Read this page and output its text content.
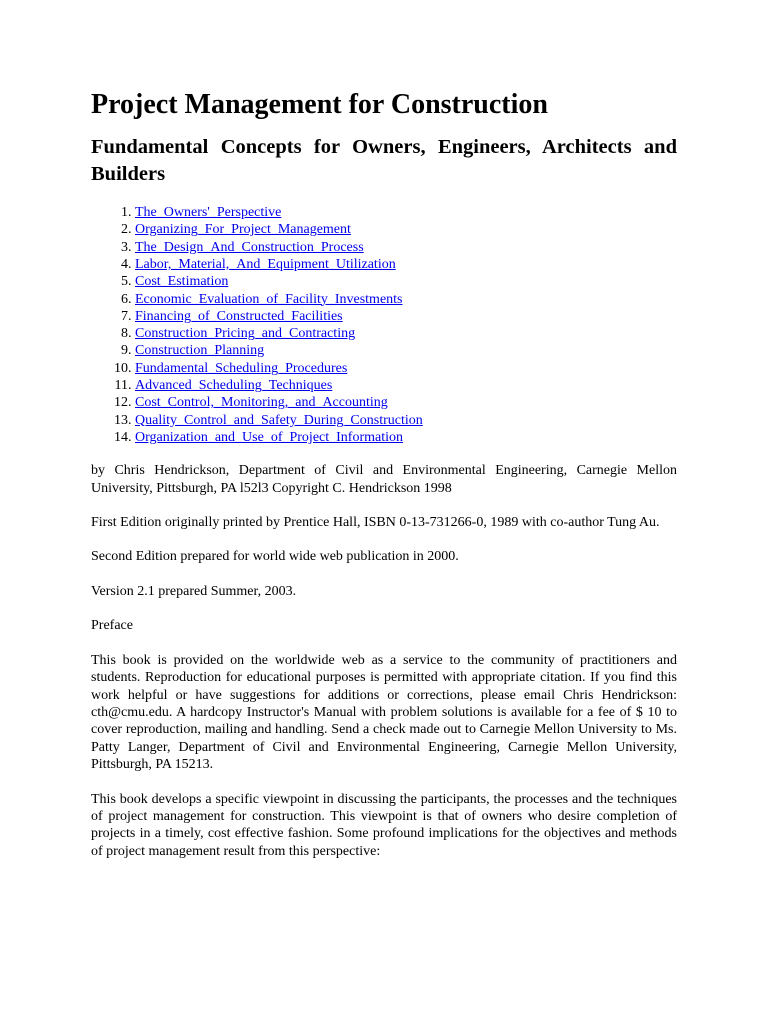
Project Management for Construction
Fundamental Concepts for Owners, Engineers, Architects and Builders
1. The_Owners'_Perspective
2. Organizing_For_Project_Management
3. The_Design_And_Construction_Process
4. Labor,_Material,_And_Equipment_Utilization
5. Cost_Estimation
6. Economic_Evaluation_of_Facility_Investments
7. Financing_of_Constructed_Facilities
8. Construction_Pricing_and_Contracting
9. Construction_Planning
10. Fundamental_Scheduling_Procedures
11. Advanced_Scheduling_Techniques
12. Cost_Control,_Monitoring,_and_Accounting
13. Quality_Control_and_Safety_During_Construction
14. Organization_and_Use_of_Project_Information

by Chris Hendrickson, Department of Civil and Environmental Engineering, Carnegie Mellon University, Pittsburgh, PA l52l3 Copyright C. Hendrickson 1998

First Edition originally printed by Prentice Hall, ISBN 0-13-731266-0, 1989 with co-author Tung Au.

Second Edition prepared for world wide web publication in 2000.

Version 2.1 prepared Summer, 2003.

Preface

This book is provided on the worldwide web as a service to the community of practitioners and students. Reproduction for educational purposes is permitted with appropriate citation. If you find this work helpful or have suggestions for additions or corrections, please email Chris Hendrickson: cth@cmu.edu. A hardcopy Instructor's Manual with problem solutions is available for a fee of $ 10 to cover reproduction, mailing and handling. Send a check made out to Carnegie Mellon University to Ms. Patty Langer, Department of Civil and Environmental Engineering, Carnegie Mellon University, Pittsburgh, PA 15213.

This book develops a specific viewpoint in discussing the participants, the processes and the techniques of project management for construction. This viewpoint is that of owners who desire completion of projects in a timely, cost effective fashion. Some profound implications for the objectives and methods of project management result from this perspective:
